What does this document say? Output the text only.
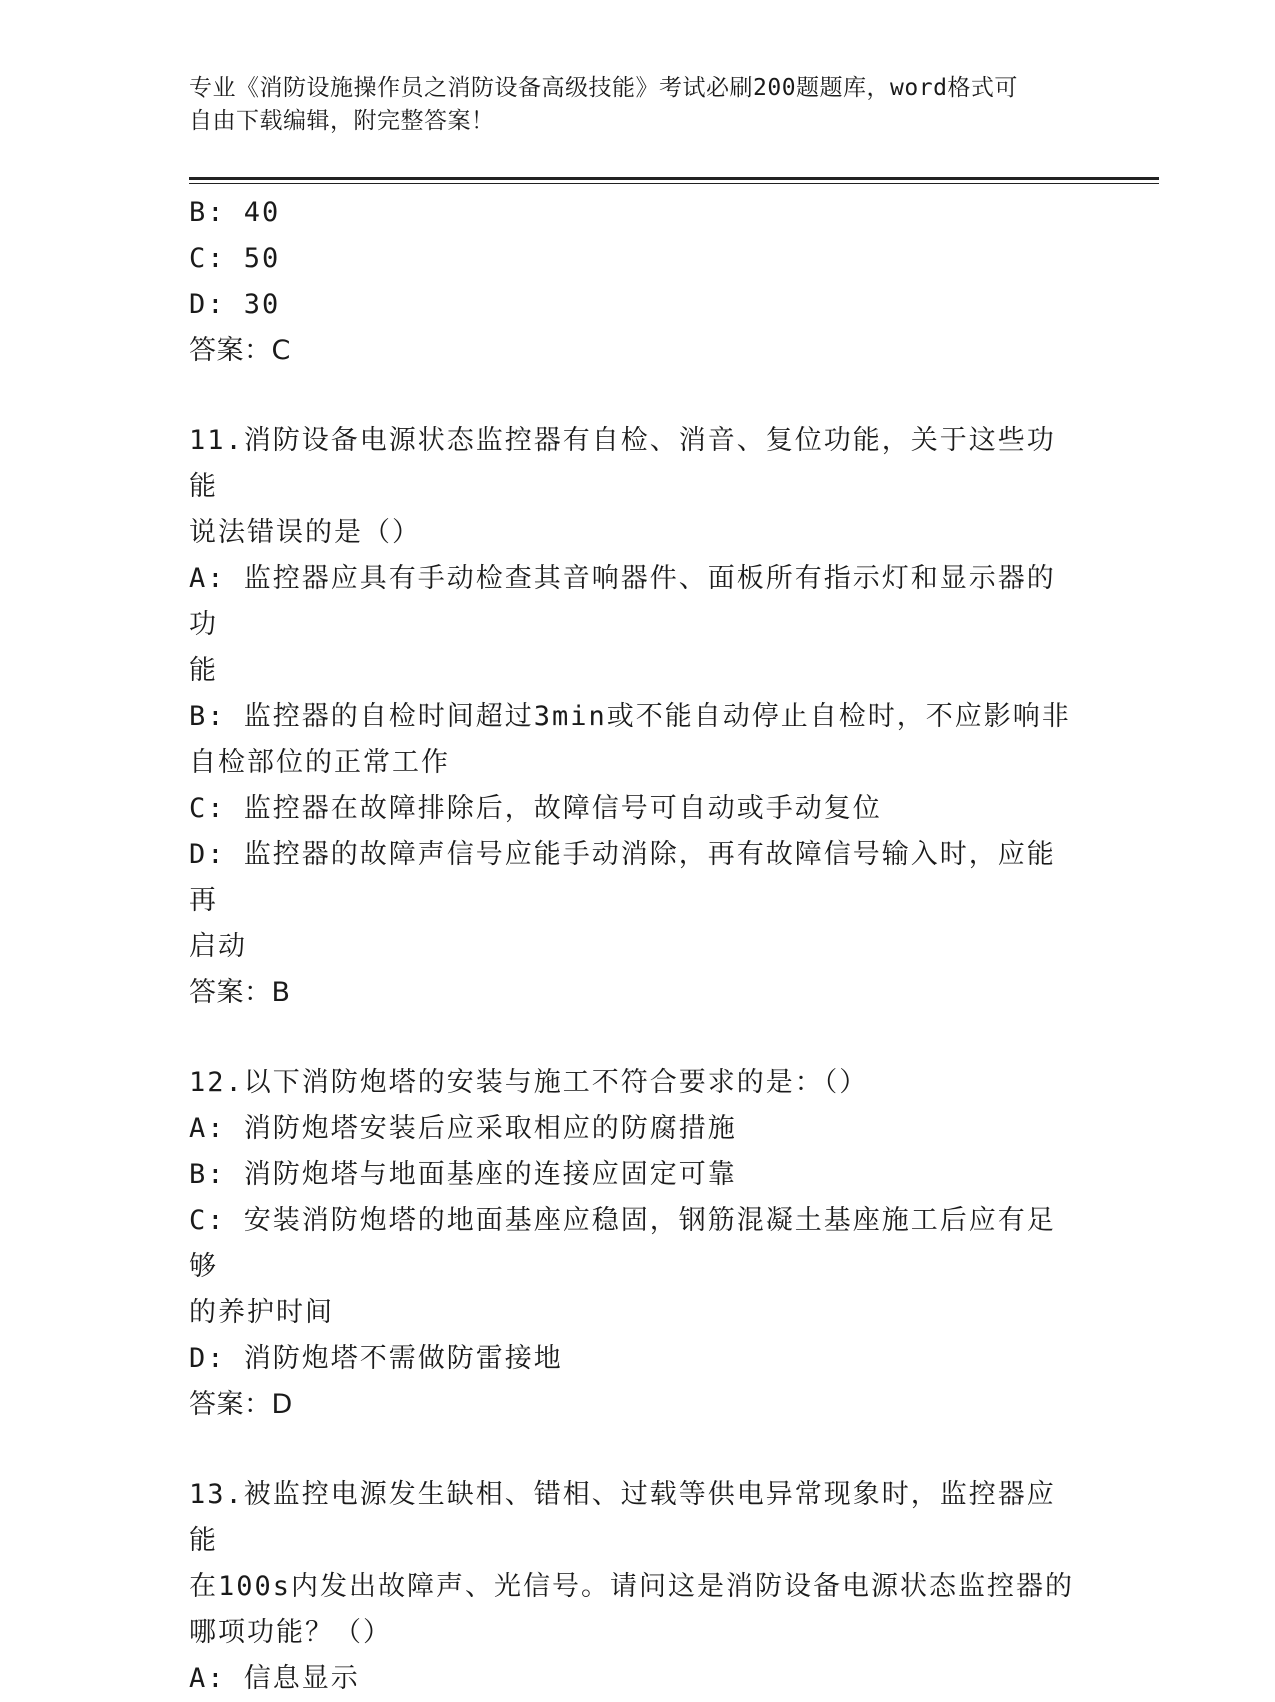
专业《消防设施操作员之消防设备高级技能》考试必刷200题题库，word格式可
自由下载编辑，附完整答案！

B: 40

C: 50

D: 30

答案：C

11.消防设备电源状态监控器有自检、消音、复位功能，关于这些功能

说法错误的是（）

A: 监控器应具有手动检查其音响器件、面板所有指示灯和显示器的功

能

B: 监控器的自检时间超过3min或不能自动停止自检时，不应影响非

自检部位的正常工作

C: 监控器在故障排除后，故障信号可自动或手动复位

D: 监控器的故障声信号应能手动消除，再有故障信号输入时，应能再

启动

答案：B

12.以下消防炮塔的安装与施工不符合要求的是：（）

A: 消防炮塔安装后应采取相应的防腐措施

B: 消防炮塔与地面基座的连接应固定可靠

C: 安装消防炮塔的地面基座应稳固，钢筋混凝土基座施工后应有足够

的养护时间

D: 消防炮塔不需做防雷接地

答案：D

13.被监控电源发生缺相、错相、过载等供电异常现象时，监控器应能

在100s内发出故障声、光信号。请问这是消防设备电源状态监控器的

哪项功能？（）

A: 信息显示
